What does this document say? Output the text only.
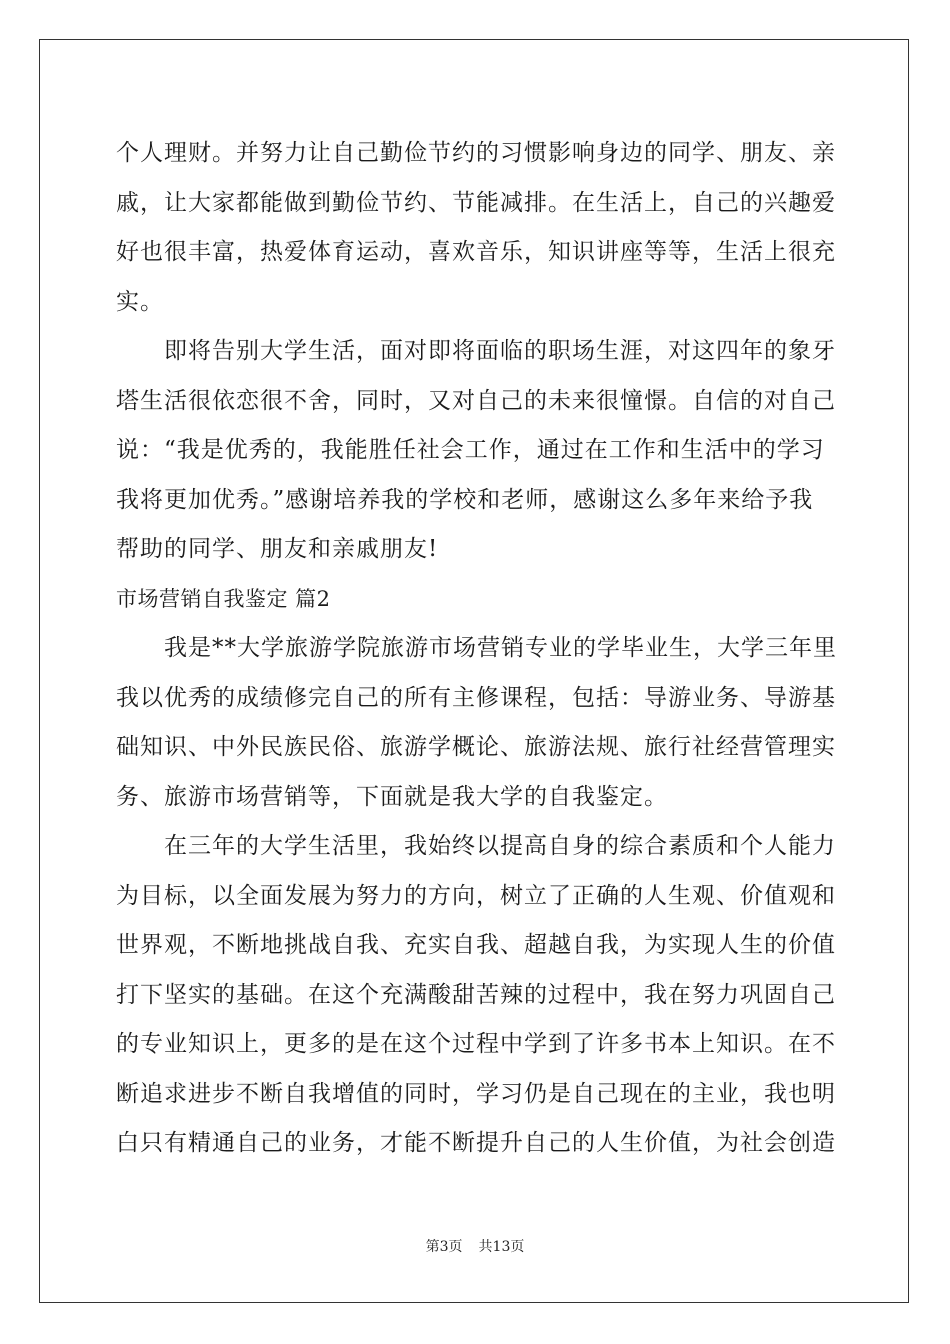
个人理财。并努力让自己勤俭节约的习惯影响身边的同学、朋友、亲
戚，让大家都能做到勤俭节约、节能减排。在生活上，自己的兴趣爱
好也很丰富，热爱体育运动，喜欢音乐，知识讲座等等，生活上很充
实。
即将告别大学生活，面对即将面临的职场生涯，对这四年的象牙
塔生活很依恋很不舍，同时，又对自己的未来很憧憬。自信的对自己
说：“我是优秀的，我能胜任社会工作，通过在工作和生活中的学习
我将更加优秀。”感谢培养我的学校和老师，感谢这么多年来给予我
帮助的同学、朋友和亲戚朋友!
市场营销自我鉴定 篇2
我是**大学旅游学院旅游市场营销专业的学毕业生，大学三年里
我以优秀的成绩修完自己的所有主修课程，包括：导游业务、导游基
础知识、中外民族民俗、旅游学概论、旅游法规、旅行社经营管理实
务、旅游市场营销等，下面就是我大学的自我鉴定。
在三年的大学生活里，我始终以提高自身的综合素质和个人能力
为目标，以全面发展为努力的方向，树立了正确的人生观、价值观和
世界观，不断地挑战自我、充实自我、超越自我，为实现人生的价值
打下坚实的基础。在这个充满酸甜苦辣的过程中，我在努力巩固自己
的专业知识上，更多的是在这个过程中学到了许多书本上知识。在不
断追求进步不断自我增值的同时，学习仍是自己现在的主业，我也明
白只有精通自己的业务，才能不断提升自己的人生价值，为社会创造
第3页 共13页
